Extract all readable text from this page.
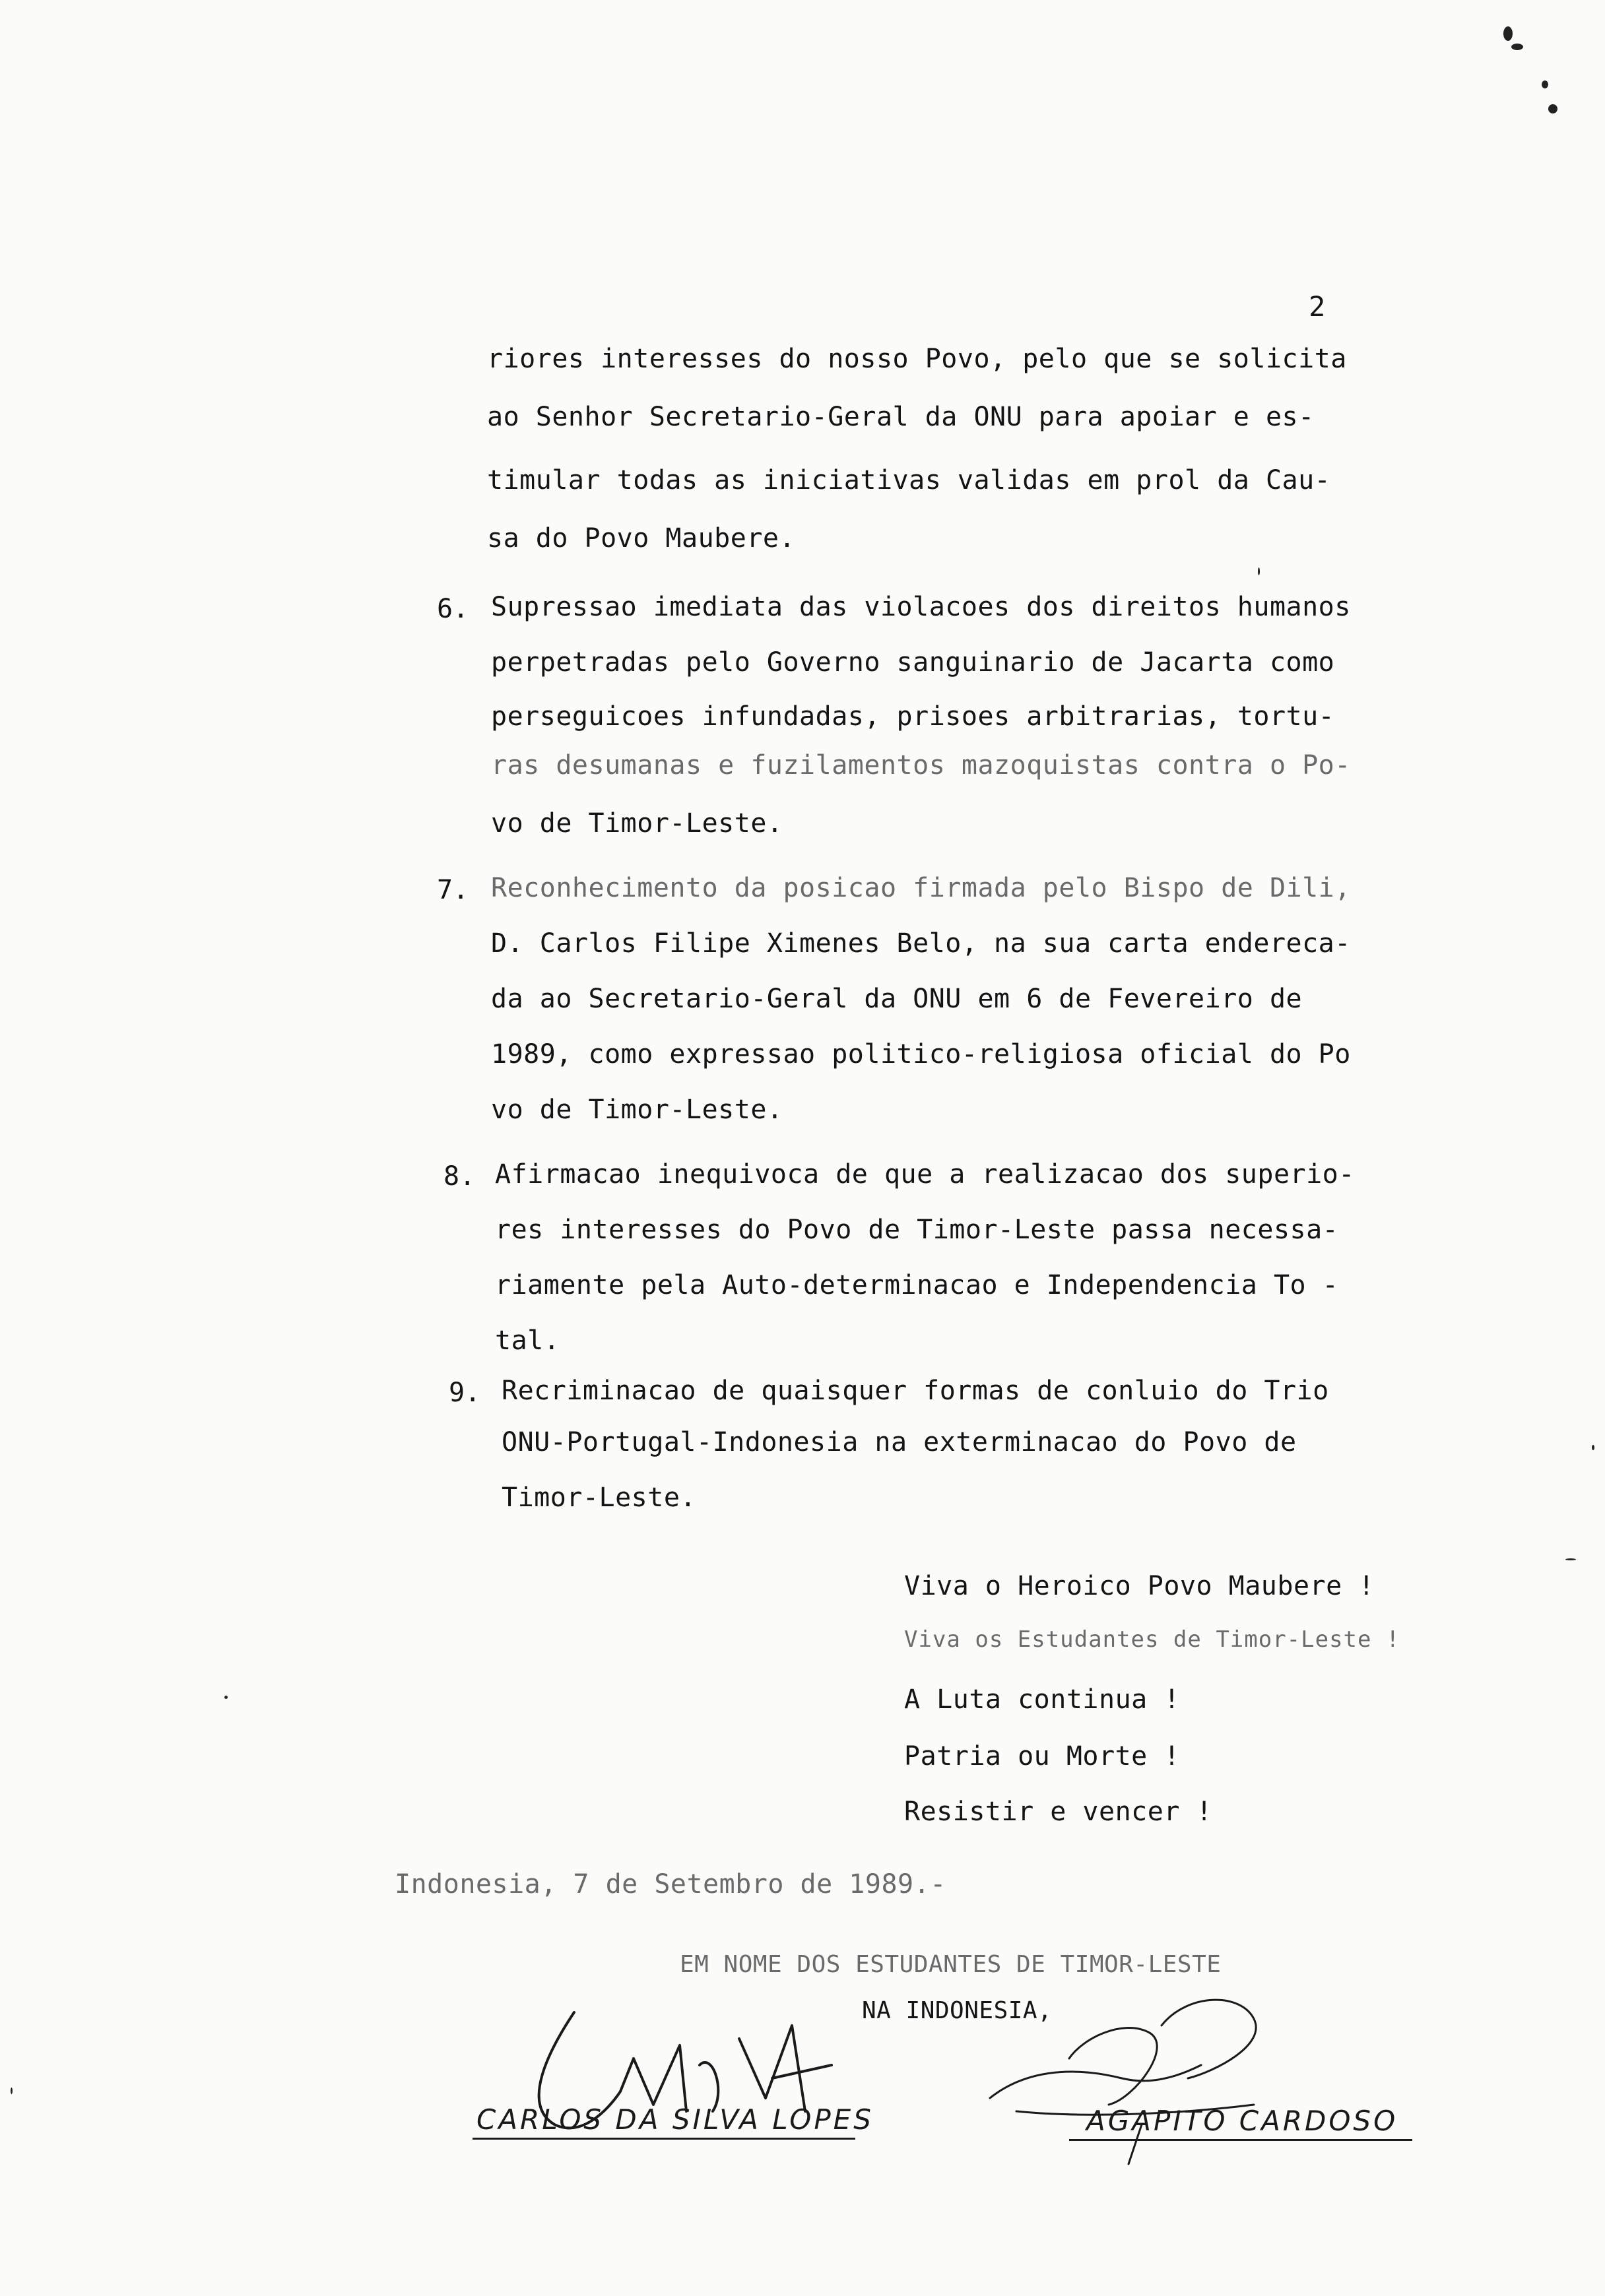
2
riores interesses do nosso Povo, pelo que se solicita
ao Senhor Secretario-Geral da ONU para apoiar e es-
timular todas as iniciativas validas em prol da Cau-
sa do Povo Maubere.
6. Supressao imediata das violacoes dos direitos humanos
perpetradas pelo Governo sanguinario de Jacarta como
perseguicoes infundadas, prisoes arbitrarias, tortu-
ras desumanas e fuzilamentos mazoquistas contra o Po-
vo de Timor-Leste.
7. Reconhecimento da posicao firmada pelo Bispo de Dili,
D. Carlos Filipe Ximenes Belo, na sua carta endereca-
da ao Secretario-Geral da ONU em 6 de Fevereiro de
1989, como expressao politico-religiosa oficial do Po
vo de Timor-Leste.
8. Afirmacao inequivoca de que a realizacao dos superio-
res interesses do Povo de Timor-Leste passa necessa-
riamente pela Auto-determinacao e Independencia To -
tal.
9. Recriminacao de quaisquer formas de conluio do Trio
ONU-Portugal-Indonesia na exterminacao do Povo de
Timor-Leste.
Viva o Heroico Povo Maubere !
Viva os Estudantes de Timor-Leste !
A Luta continua !
Patria ou Morte !
Resistir e vencer !
Indonesia, 7 de Setembro de 1989.-
EM NOME DOS ESTUDANTES DE TIMOR-LESTE
NA INDONESIA,
CARLOS DA SILVA LOPES	AGAPITO CARDOSO
